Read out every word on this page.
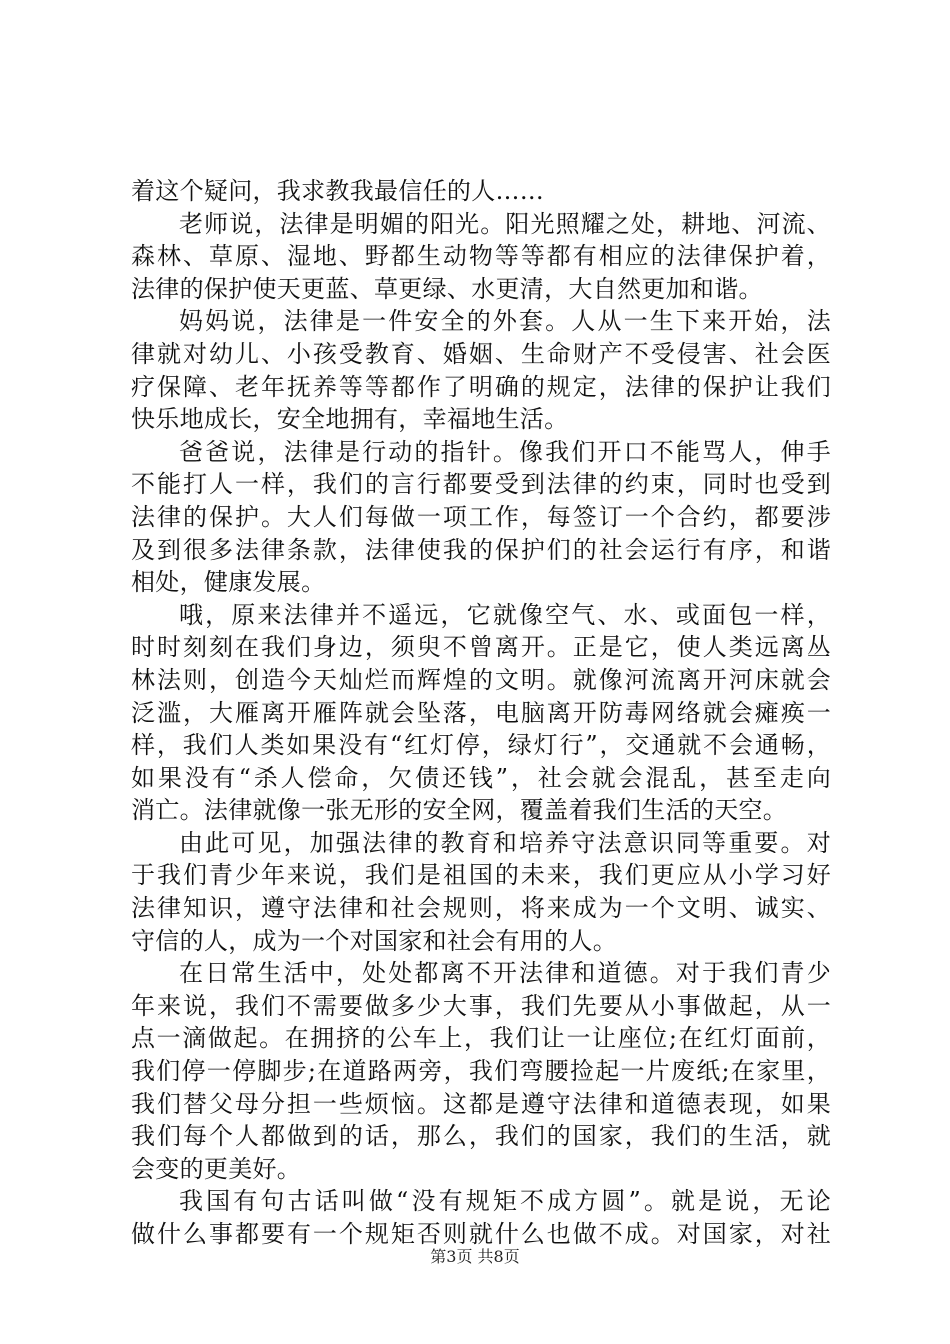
着这个疑问，我求教我最信任的人……
老师说，法律是明媚的阳光。阳光照耀之处，耕地、河流、
森林、草原、湿地、野都生动物等等都有相应的法律保护着，
法律的保护使天更蓝、草更绿、水更清，大自然更加和谐。
妈妈说，法律是一件安全的外套。人从一生下来开始，法
律就对幼儿、小孩受教育、婚姻、生命财产不受侵害、社会医
疗保障、老年抚养等等都作了明确的规定，法律的保护让我们
快乐地成长，安全地拥有，幸福地生活。
爸爸说，法律是行动的指针。像我们开口不能骂人，伸手
不能打人一样，我们的言行都要受到法律的约束，同时也受到
法律的保护。大人们每做一项工作，每签订一个合约，都要涉
及到很多法律条款，法律使我的保护们的社会运行有序，和谐
相处，健康发展。
哦，原来法律并不遥远，它就像空气、水、或面包一样，
时时刻刻在我们身边，须臾不曾离开。正是它，使人类远离丛
林法则，创造今天灿烂而辉煌的文明。就像河流离开河床就会
泛滥，大雁离开雁阵就会坠落，电脑离开防毒网络就会瘫痪一
样，我们人类如果没有“红灯停，绿灯行”，交通就不会通畅，
如果没有“杀人偿命，欠债还钱”，社会就会混乱，甚至走向
消亡。法律就像一张无形的安全网，覆盖着我们生活的天空。
由此可见，加强法律的教育和培养守法意识同等重要。对
于我们青少年来说，我们是祖国的未来，我们更应从小学习好
法律知识，遵守法律和社会规则，将来成为一个文明、诚实、
守信的人，成为一个对国家和社会有用的人。
在日常生活中，处处都离不开法律和道德。对于我们青少
年来说，我们不需要做多少大事，我们先要从小事做起，从一
点一滴做起。在拥挤的公车上，我们让一让座位;在红灯面前，
我们停一停脚步;在道路两旁，我们弯腰捡起一片废纸;在家里，
我们替父母分担一些烦恼。这都是遵守法律和道德表现，如果
我们每个人都做到的话，那么，我们的国家，我们的生活，就
会变的更美好。
我国有句古话叫做“没有规矩不成方圆”。就是说，无论
做什么事都要有一个规矩否则就什么也做不成。对国家，对社
第3页 共8页
